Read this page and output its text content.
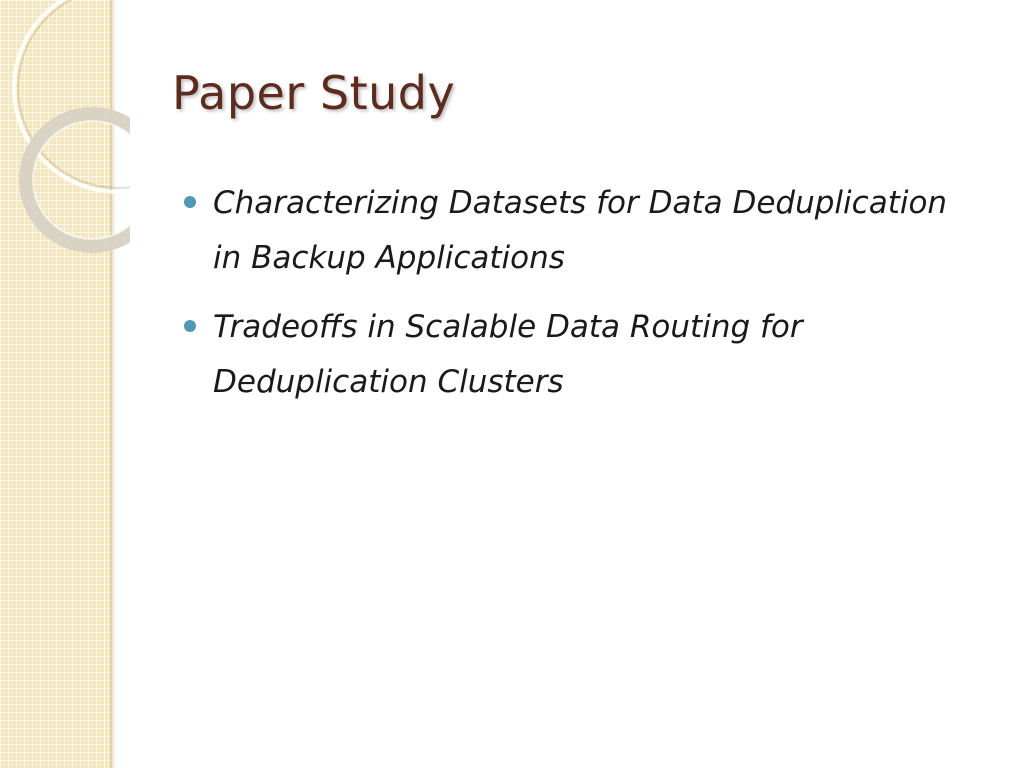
Paper Study
Characterizing Datasets for Data Deduplication in Backup Applications
Tradeoffs in Scalable Data Routing for Deduplication Clusters
